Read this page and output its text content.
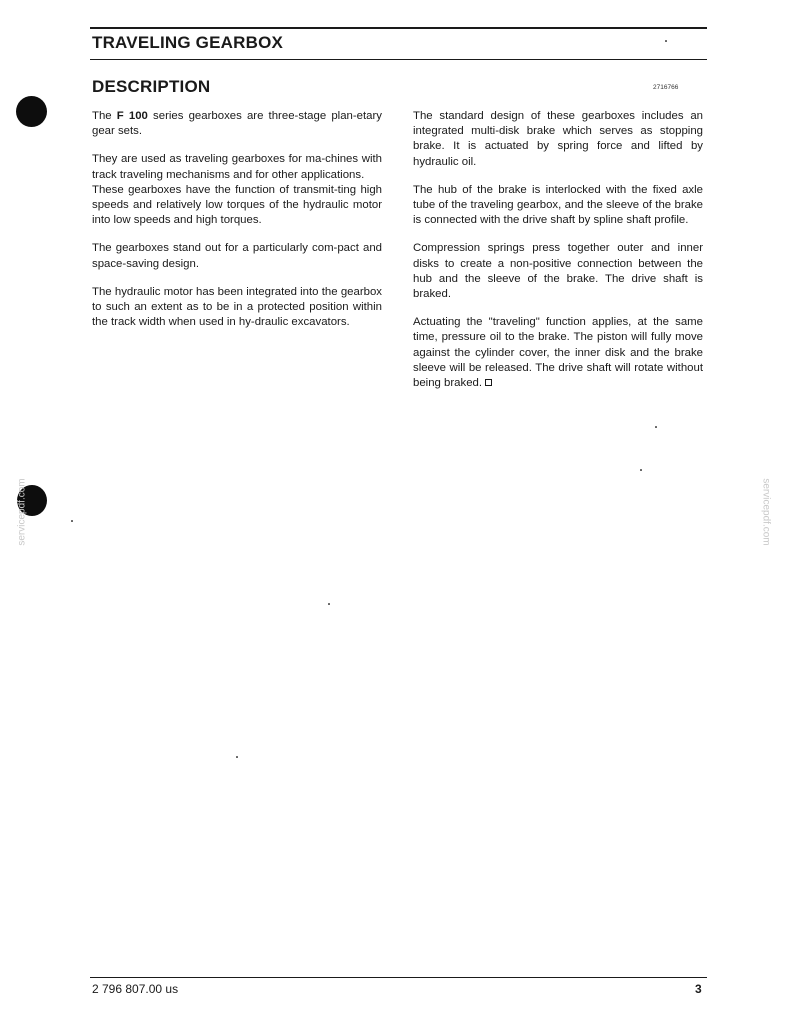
TRAVELING GEARBOX
DESCRIPTION	2716766

The F 100 series gearboxes are three-stage plan-etary gear sets.

They are used as traveling gearboxes for ma-chines with track traveling mechanisms and for other applications.

These gearboxes have the function of transmit-ting high speeds and relatively low torques of the hydraulic motor into low speeds and high torques.

The gearboxes stand out for a particularly com-pact and space-saving design.

The hydraulic motor has been integrated into the gearbox to such an extent as to be in a protected position within the track width when used in hy-draulic excavators.

The standard design of these gearboxes includes an integrated multi-disk brake which serves as stopping brake. It is actuated by spring force and lifted by hydraulic oil.

The hub of the brake is interlocked with the fixed axle tube of the traveling gearbox, and the sleeve of the brake is connected with the drive shaft by spline shaft profile.

Compression springs press together outer and inner disks to create a non-positive connection between the hub and the sleeve of the brake. The drive shaft is braked.

Actuating the "traveling" function applies, at the same time, pressure oil to the brake. The piston will fully move against the cylinder cover, the inner disk and the brake sleeve will be released. The drive shaft will rotate without being braked.

2 796 807.00 us	3
servicepdf.com	servicepdf.com
